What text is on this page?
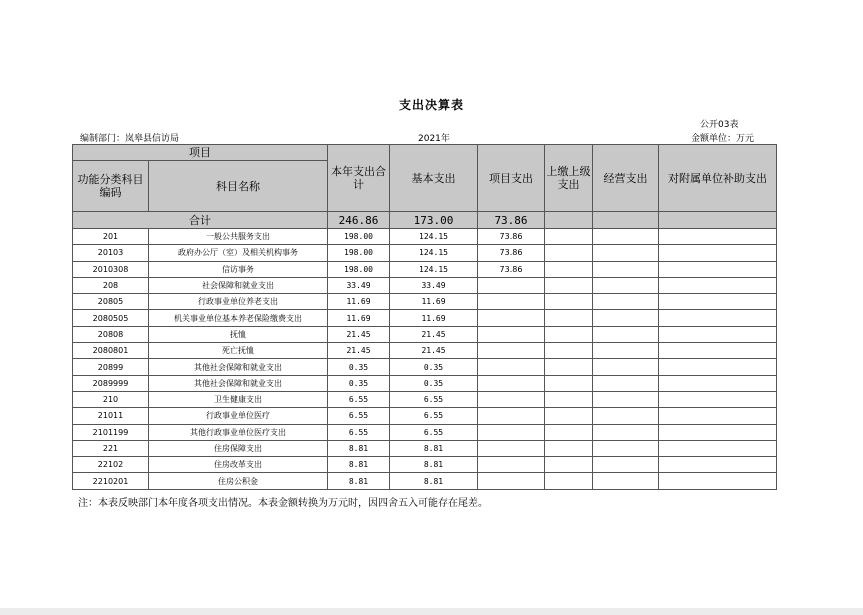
支出决算表
公开03表
编制部门：岚皋县信访局	2021年	金额单位：万元
项目		本年支出合计	基本支出	项目支出	上缴上级支出	经营支出	对附属单位补助支出
功能分类科目编码	科目名称						
合计		246.86	173.00	73.86			
201	一般公共服务支出	198.00	124.15	73.86			
20103	政府办公厅（室）及相关机构事务	198.00	124.15	73.86			
2010308	信访事务	198.00	124.15	73.86			
208	社会保障和就业支出	33.49	33.49				
20805	行政事业单位养老支出	11.69	11.69				
2080505	机关事业单位基本养老保险缴费支出	11.69	11.69				
20808	抚恤	21.45	21.45				
2080801	死亡抚恤	21.45	21.45				
20899	其他社会保障和就业支出	0.35	0.35				
2089999	其他社会保障和就业支出	0.35	0.35				
210	卫生健康支出	6.55	6.55				
21011	行政事业单位医疗	6.55	6.55				
2101199	其他行政事业单位医疗支出	6.55	6.55				
221	住房保障支出	8.81	8.81				
22102	住房改革支出	8.81	8.81				
2210201	住房公积金	8.81	8.81				
注：本表反映部门本年度各项支出情况。本表金额转换为万元时，因四舍五入可能存在尾差。
